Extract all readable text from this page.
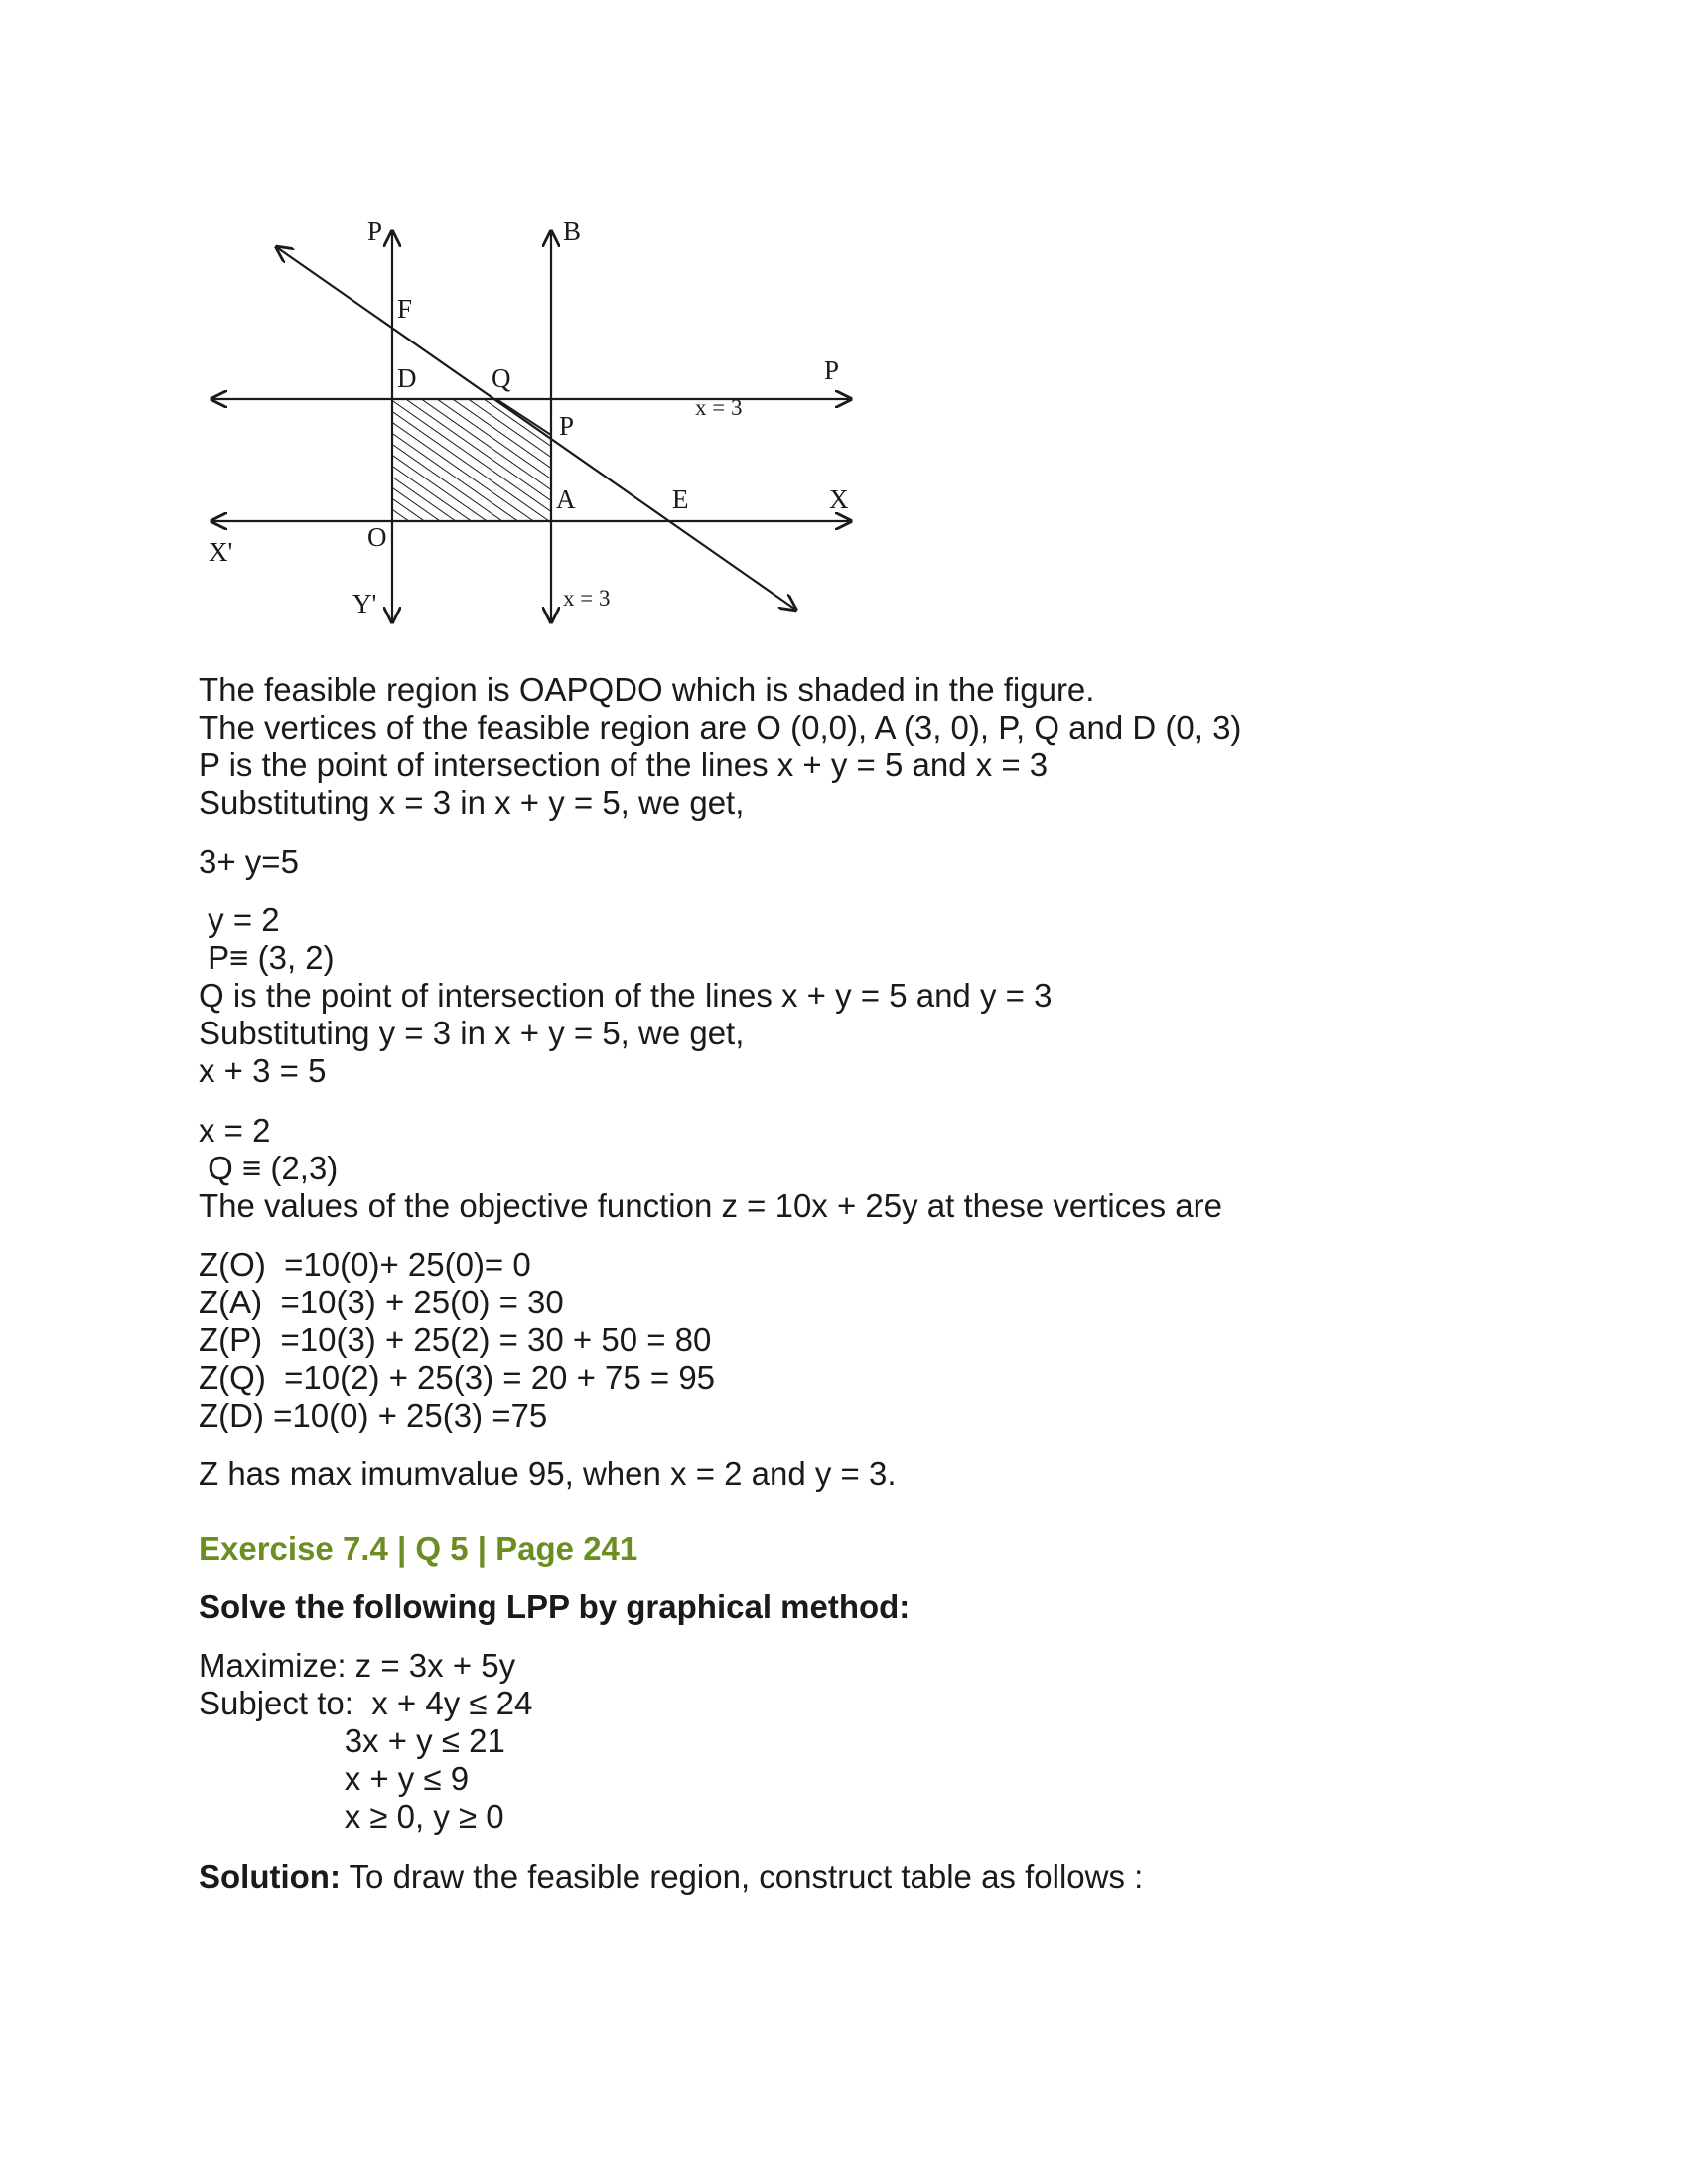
P	B
F
D	Q	P
x = 3
P
A	E	X
X'	O
Y'	x = 3
The feasible region is OAPQDO which is shaded in the figure.
The vertices of the feasible region are O (0,0), A (3, 0), P, Q and D (0, 3)
P is the point of intersection of the lines x + y = 5 and x = 3
Substituting x = 3 in x + y = 5, we get,
3+ y=5
y = 2
P≡ (3, 2)
Q is the point of intersection of the lines x + y = 5 and y = 3
Substituting y = 3 in x + y = 5, we get,
x + 3 = 5
x = 2
Q ≡ (2,3)
The values of the objective function z = 10x + 25y at these vertices are
Z(O)  =10(0)+ 25(0)= 0
Z(A)  =10(3) + 25(0) = 30
Z(P)  =10(3) + 25(2) = 30 + 50 = 80
Z(Q)  =10(2) + 25(3) = 20 + 75 = 95
Z(D) =10(0) + 25(3) =75
Z has max imumvalue 95, when x = 2 and y = 3.
Exercise 7.4 | Q 5 | Page 241
Solve the following LPP by graphical method:
Maximize: z = 3x + 5y
Subject to:  x + 4y ≤ 24
3x + y ≤ 21
x + y ≤ 9
x ≥ 0, y ≥ 0
Solution: To draw the feasible region, construct table as follows :
